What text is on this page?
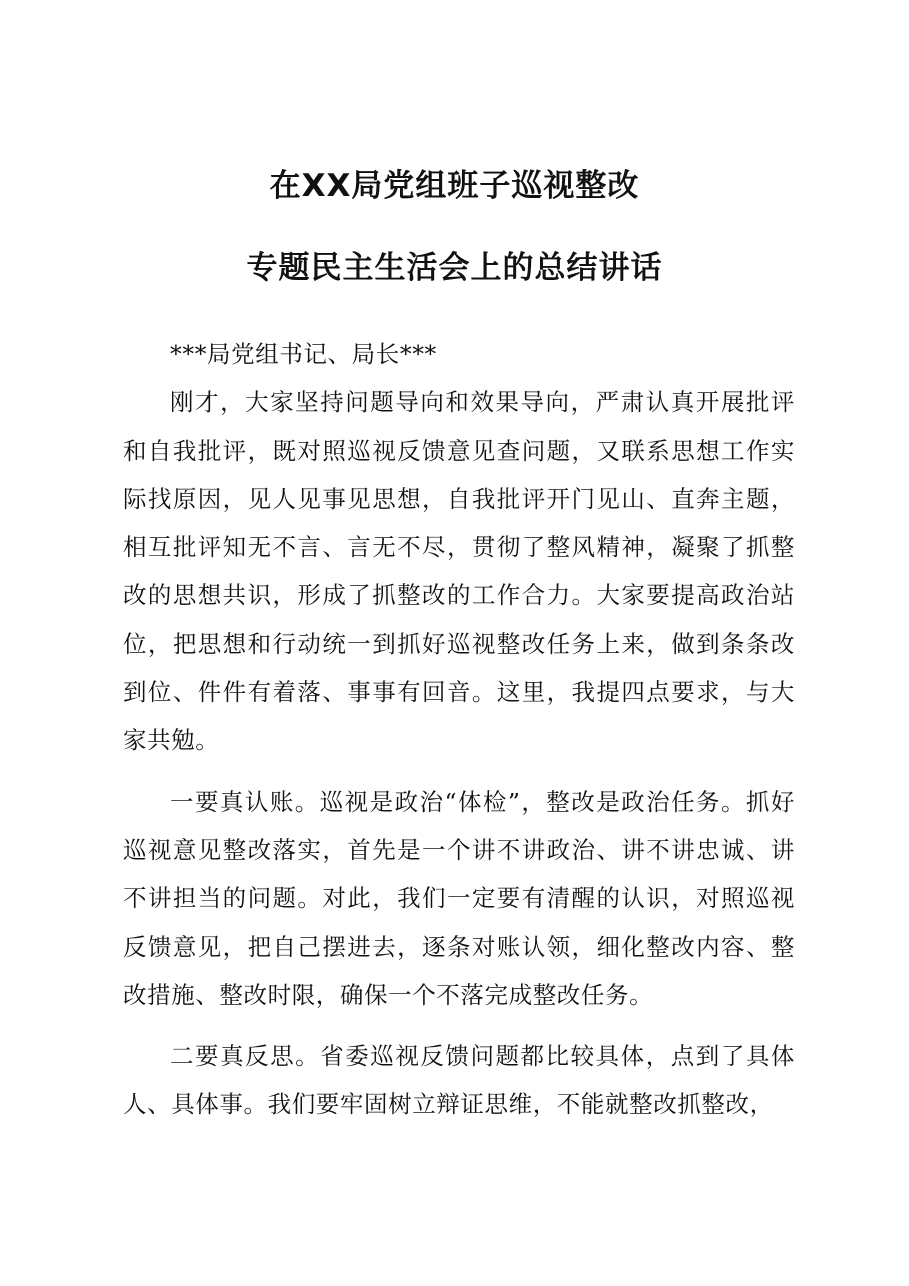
在XX局党组班子巡视整改
专题民主生活会上的总结讲话

***局党组书记、局长***

刚才，大家坚持问题导向和效果导向，严肃认真开展批评和自我批评，既对照巡视反馈意见查问题，又联系思想工作实际找原因，见人见事见思想，自我批评开门见山、直奔主题，相互批评知无不言、言无不尽，贯彻了整风精神，凝聚了抓整改的思想共识，形成了抓整改的工作合力。大家要提高政治站位，把思想和行动统一到抓好巡视整改任务上来，做到条条改到位、件件有着落、事事有回音。这里，我提四点要求，与大家共勉。

一要真认账。巡视是政治“体检”，整改是政治任务。抓好巡视意见整改落实，首先是一个讲不讲政治、讲不讲忠诚、讲不讲担当的问题。对此，我们一定要有清醒的认识，对照巡视反馈意见，把自己摆进去，逐条对账认领，细化整改内容、整改措施、整改时限，确保一个不落完成整改任务。

二要真反思。省委巡视反馈问题都比较具体，点到了具体人、具体事。我们要牢固树立辩证思维，不能就整改抓整改，
